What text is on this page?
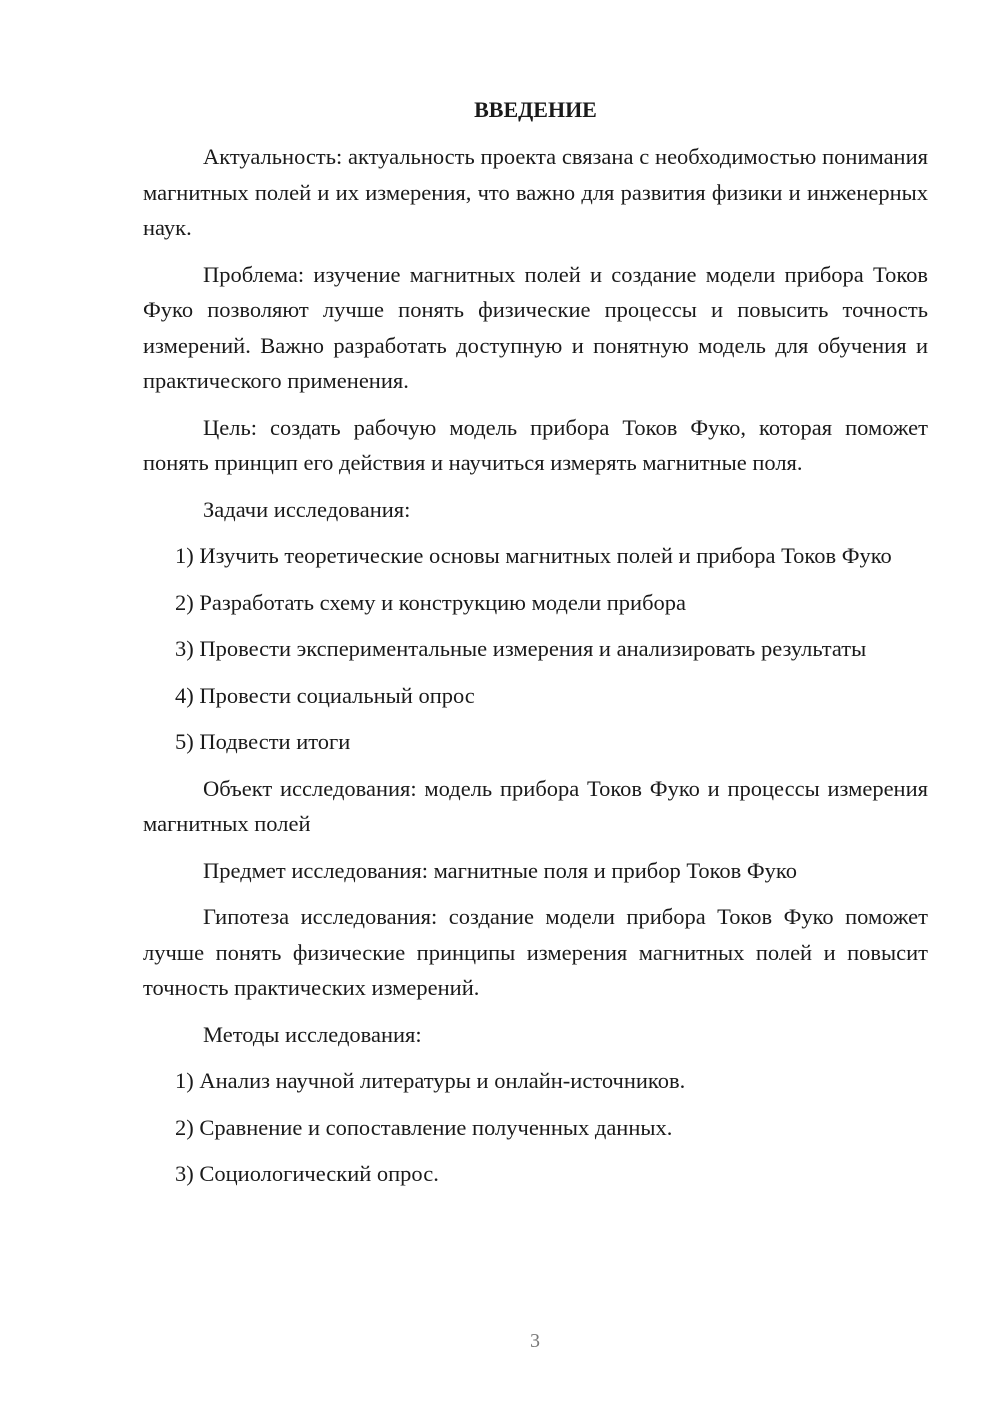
ВВЕДЕНИЕ

Актуальность: актуальность проекта связана с необходимостью понимания магнитных полей и их измерения, что важно для развития физики и инженерных наук.

Проблема: изучение магнитных полей и создание модели прибора Токов Фуко позволяют лучше понять физические процессы и повысить точность измерений. Важно разработать доступную и понятную модель для обучения и практического применения.

Цель: создать рабочую модель прибора Токов Фуко, которая поможет понять принцип его действия и научиться измерять магнитные поля.

Задачи исследования:

1) Изучить теоретические основы магнитных полей и прибора Токов Фуко

2) Разработать схему и конструкцию модели прибора

3) Провести экспериментальные измерения и анализировать результаты

4) Провести социальный опрос

5) Подвести итоги

Объект исследования: модель прибора Токов Фуко и процессы измерения магнитных полей

Предмет исследования: магнитные поля и прибор Токов Фуко

Гипотеза исследования: создание модели прибора Токов Фуко поможет лучше понять физические принципы измерения магнитных полей и повысит точность практических измерений.

Методы исследования:

1) Анализ научной литературы и онлайн-источников.

2) Сравнение и сопоставление полученных данных.

3) Социологический опрос.

3
